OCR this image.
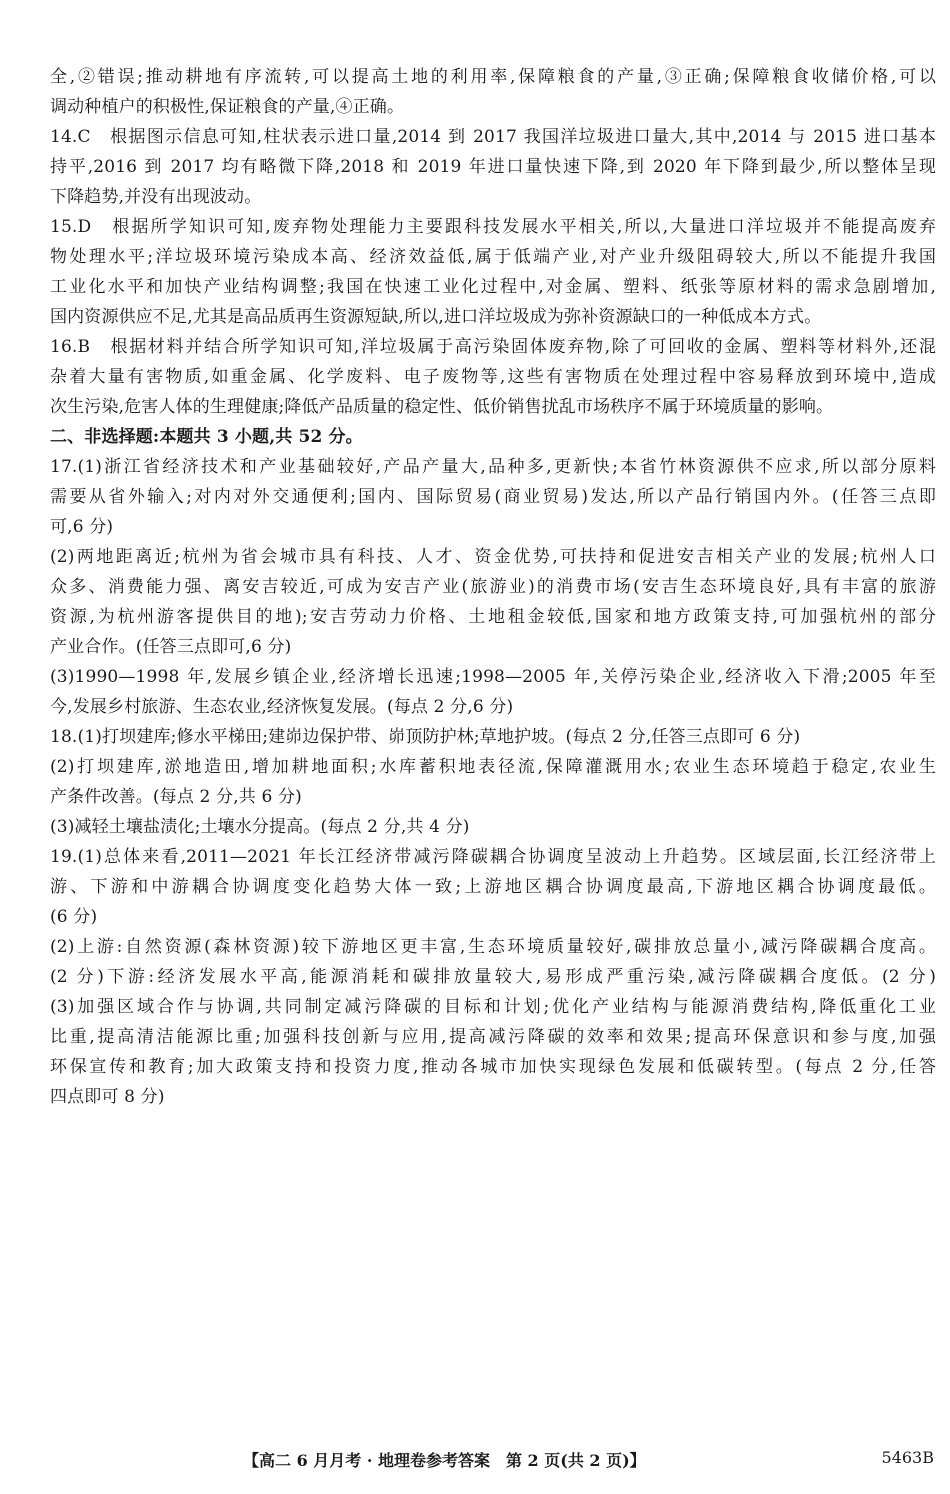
全,②错误;推动耕地有序流转,可以提高土地的利用率,保障粮食的产量,③正确;保障粮食收储价格,可以
调动种植户的积极性,保证粮食的产量,④正确。
14.C　根据图示信息可知,柱状表示进口量,2014 到 2017 我国洋垃圾进口量大,其中,2014 与 2015 进口基本
持平,2016 到 2017 均有略微下降,2018 和 2019 年进口量快速下降,到 2020 年下降到最少,所以整体呈现
下降趋势,并没有出现波动。
15.D　根据所学知识可知,废弃物处理能力主要跟科技发展水平相关,所以,大量进口洋垃圾并不能提高废弃
物处理水平;洋垃圾环境污染成本高、经济效益低,属于低端产业,对产业升级阻碍较大,所以不能提升我国
工业化水平和加快产业结构调整;我国在快速工业化过程中,对金属、塑料、纸张等原材料的需求急剧增加,
国内资源供应不足,尤其是高品质再生资源短缺,所以,进口洋垃圾成为弥补资源缺口的一种低成本方式。
16.B　根据材料并结合所学知识可知,洋垃圾属于高污染固体废弃物,除了可回收的金属、塑料等材料外,还混
杂着大量有害物质,如重金属、化学废料、电子废物等,这些有害物质在处理过程中容易释放到环境中,造成
次生污染,危害人体的生理健康;降低产品质量的稳定性、低价销售扰乱市场秩序不属于环境质量的影响。
二、非选择题:本题共 3 小题,共 52 分。
17.(1)浙江省经济技术和产业基础较好,产品产量大,品种多,更新快;本省竹林资源供不应求,所以部分原料
需要从省外输入;对内对外交通便利;国内、国际贸易(商业贸易)发达,所以产品行销国内外。(任答三点即
可,6 分)
(2)两地距离近;杭州为省会城市具有科技、人才、资金优势,可扶持和促进安吉相关产业的发展;杭州人口
众多、消费能力强、离安吉较近,可成为安吉产业(旅游业)的消费市场(安吉生态环境良好,具有丰富的旅游
资源,为杭州游客提供目的地);安吉劳动力价格、土地租金较低,国家和地方政策支持,可加强杭州的部分
产业合作。(任答三点即可,6 分)
(3)1990—1998 年,发展乡镇企业,经济增长迅速;1998—2005 年,关停污染企业,经济收入下滑;2005 年至
今,发展乡村旅游、生态农业,经济恢复发展。(每点 2 分,6 分)
18.(1)打坝建库;修水平梯田;建峁边保护带、峁顶防护林;草地护坡。(每点 2 分,任答三点即可 6 分)
(2)打坝建库,淤地造田,增加耕地面积;水库蓄积地表径流,保障灌溉用水;农业生态环境趋于稳定,农业生
产条件改善。(每点 2 分,共 6 分)
(3)减轻土壤盐渍化;土壤水分提高。(每点 2 分,共 4 分)
19.(1)总体来看,2011—2021 年长江经济带减污降碳耦合协调度呈波动上升趋势。区域层面,长江经济带上
游、下游和中游耦合协调度变化趋势大体一致;上游地区耦合协调度最高,下游地区耦合协调度最低。
(6 分)
(2)上游:自然资源(森林资源)较下游地区更丰富,生态环境质量较好,碳排放总量小,减污降碳耦合度高。
(2 分)下游:经济发展水平高,能源消耗和碳排放量较大,易形成严重污染,减污降碳耦合度低。(2 分)
(3)加强区域合作与协调,共同制定减污降碳的目标和计划;优化产业结构与能源消费结构,降低重化工业
比重,提高清洁能源比重;加强科技创新与应用,提高减污降碳的效率和效果;提高环保意识和参与度,加强
环保宣传和教育;加大政策支持和投资力度,推动各城市加快实现绿色发展和低碳转型。(每点 2 分,任答
四点即可 8 分)
【高二 6 月月考 · 地理卷参考答案　第 2 页(共 2 页)】	5463B
